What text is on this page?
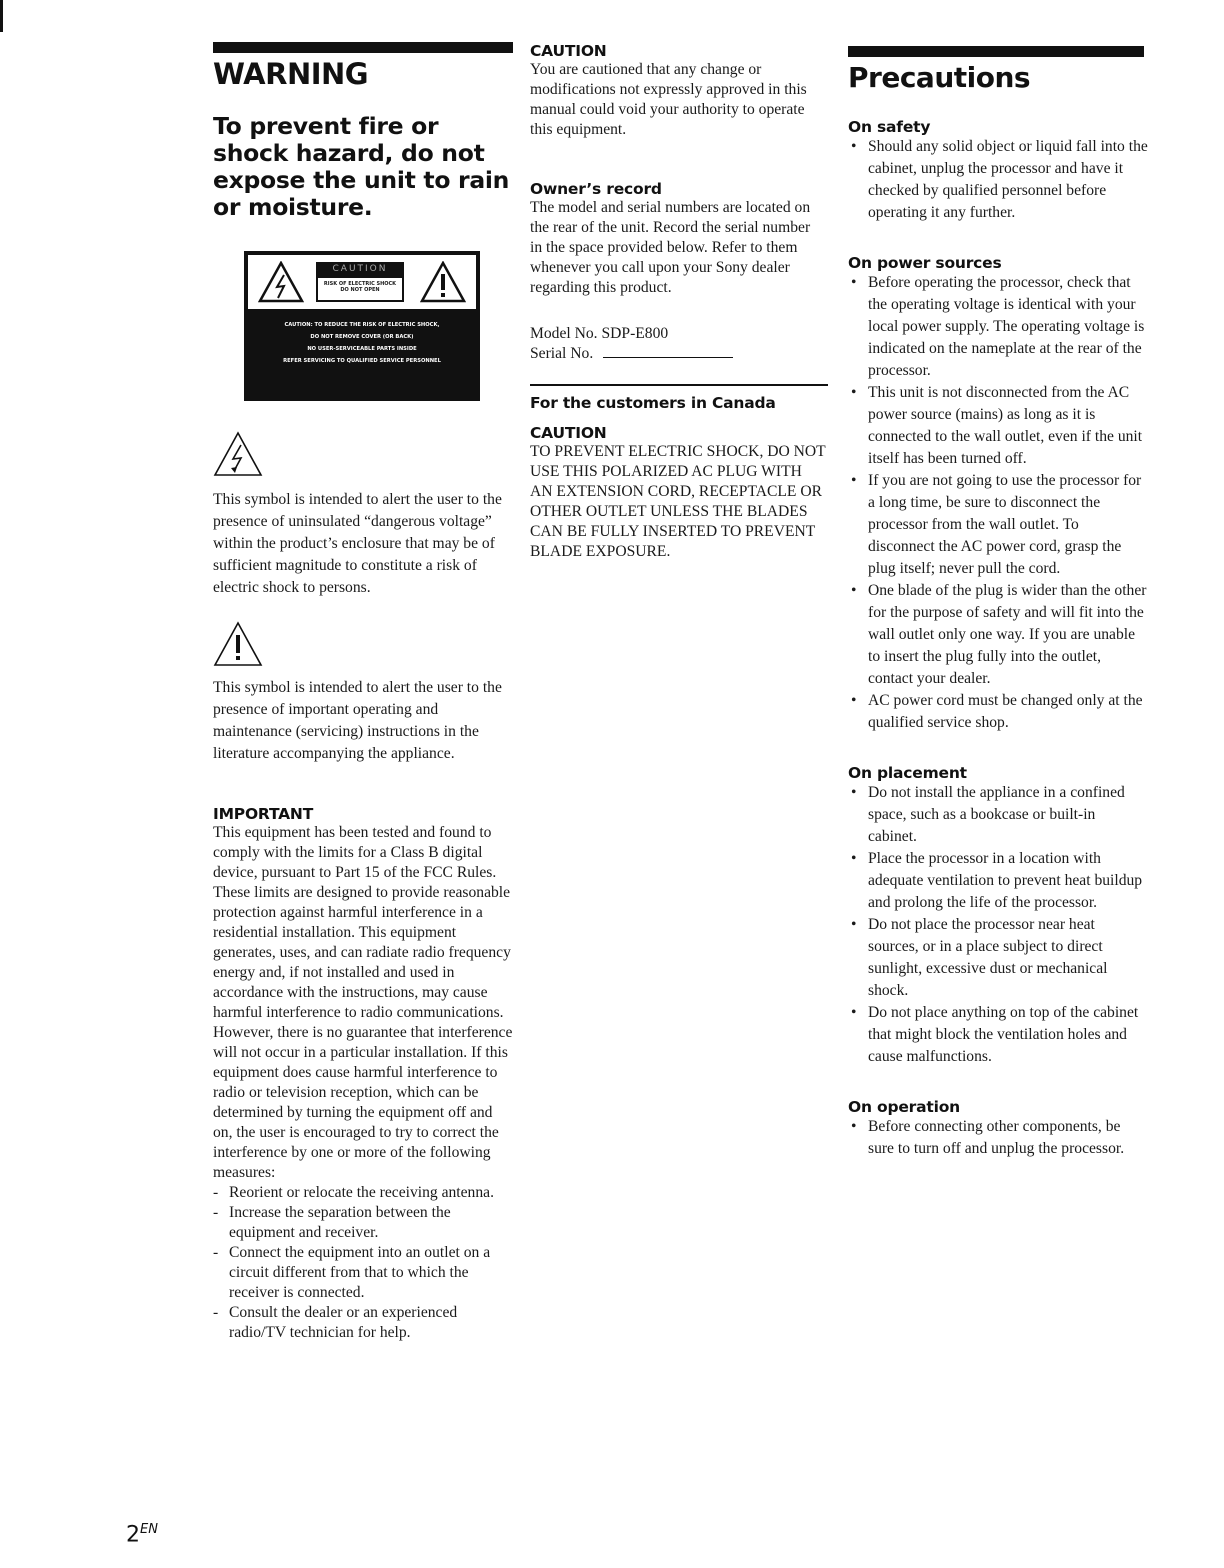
WARNING
To prevent fire or shock hazard, do not expose the unit to rain or moisture.
CAUTION
RISK OF ELECTRIC SHOCK
DO NOT OPEN
CAUTION: TO REDUCE THE RISK OF ELECTRIC SHOCK,
DO NOT REMOVE COVER (OR BACK)
NO USER-SERVICEABLE PARTS INSIDE
REFER SERVICING TO QUALIFIED SERVICE PERSONNEL
This symbol is intended to alert the user to the presence of uninsulated “dangerous voltage” within the product’s enclosure that may be of sufficient magnitude to constitute a risk of electric shock to persons.
This symbol is intended to alert the user to the presence of important operating and maintenance (servicing) instructions in the literature accompanying the appliance.
IMPORTANT
This equipment has been tested and found to comply with the limits for a Class B digital device, pursuant to Part 15 of the FCC Rules.
These limits are designed to provide reasonable protection against harmful interference in a residential installation. This equipment generates, uses, and can radiate radio frequency energy and, if not installed and used in accordance with the instructions, may cause harmful interference to radio communications. However, there is no guarantee that interference will not occur in a particular installation. If this equipment does cause harmful interference to radio or television reception, which can be determined by turning the equipment off and on, the user is encouraged to try to correct the interference by one or more of the following measures:
- Reorient or relocate the receiving antenna.
- Increase the separation between the equipment and receiver.
- Connect the equipment into an outlet on a circuit different from that to which the receiver is connected.
- Consult the dealer or an experienced radio/TV technician for help.
CAUTION
You are cautioned that any change or modifications not expressly approved in this manual could void your authority to operate this equipment.
Owner’s record
The model and serial numbers are located on the rear of the unit. Record the serial number in the space provided below. Refer to them whenever you call upon your Sony dealer regarding this product.
Model No. SDP-E800
Serial No.
For the customers in Canada
CAUTION
TO PREVENT ELECTRIC SHOCK, DO NOT USE THIS POLARIZED AC PLUG WITH AN EXTENSION CORD, RECEPTACLE OR OTHER OUTLET UNLESS THE BLADES CAN BE FULLY INSERTED TO PREVENT BLADE EXPOSURE.
Precautions
On safety
• Should any solid object or liquid fall into the cabinet, unplug the processor and have it checked by qualified personnel before operating it any further.
On power sources
• Before operating the processor, check that the operating voltage is identical with your local power supply. The operating voltage is indicated on the nameplate at the rear of the processor.
• This unit is not disconnected from the AC power source (mains) as long as it is connected to the wall outlet, even if the unit itself has been turned off.
• If you are not going to use the processor for a long time, be sure to disconnect the processor from the wall outlet. To disconnect the AC power cord, grasp the plug itself; never pull the cord.
• One blade of the plug is wider than the other for the purpose of safety and will fit into the wall outlet only one way. If you are unable to insert the plug fully into the outlet, contact your dealer.
• AC power cord must be changed only at the qualified service shop.
On placement
• Do not install the appliance in a confined space, such as a bookcase or built-in cabinet.
• Place the processor in a location with adequate ventilation to prevent heat buildup and prolong the life of the processor.
• Do not place the processor near heat sources, or in a place subject to direct sunlight, excessive dust or mechanical shock.
• Do not place anything on top of the cabinet that might block the ventilation holes and cause malfunctions.
On operation
• Before connecting other components, be sure to turn off and unplug the processor.
$2^{EN}$
